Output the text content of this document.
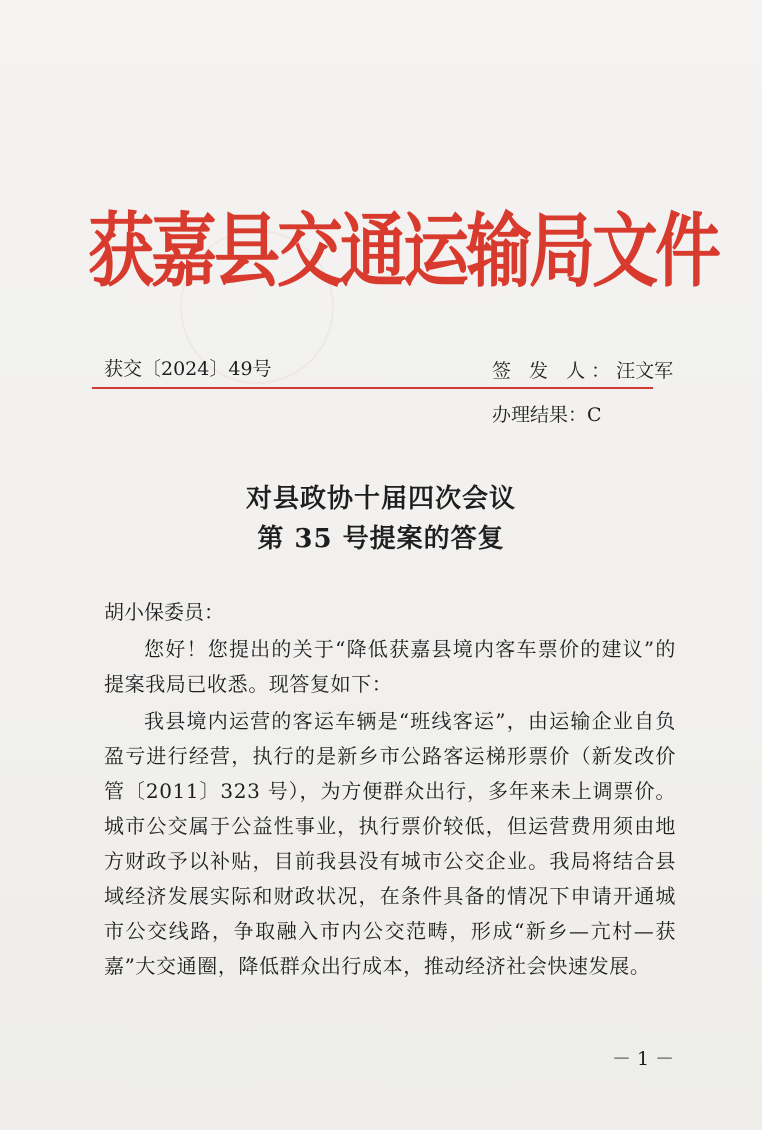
获嘉县交通运输局文件
获交〔2024〕49号	签 发 人：汪文军
办理结果：C
对县政协十届四次会议
第 35 号提案的答复
胡小保委员：
您好！您提出的关于“降低获嘉县境内客车票价的建议”的提案我局已收悉。现答复如下：
我县境内运营的客运车辆是“班线客运”，由运输企业自负盈亏进行经营，执行的是新乡市公路客运梯形票价（新发改价管〔2011〕323 号），为方便群众出行，多年来未上调票价。城市公交属于公益性事业，执行票价较低，但运营费用须由地方财政予以补贴，目前我县没有城市公交企业。我局将结合县域经济发展实际和财政状况，在条件具备的情况下申请开通城市公交线路，争取融入市内公交范畴，形成“新乡—亢村—获嘉”大交通圈，降低群众出行成本，推动经济社会快速发展。
－ 1 －
